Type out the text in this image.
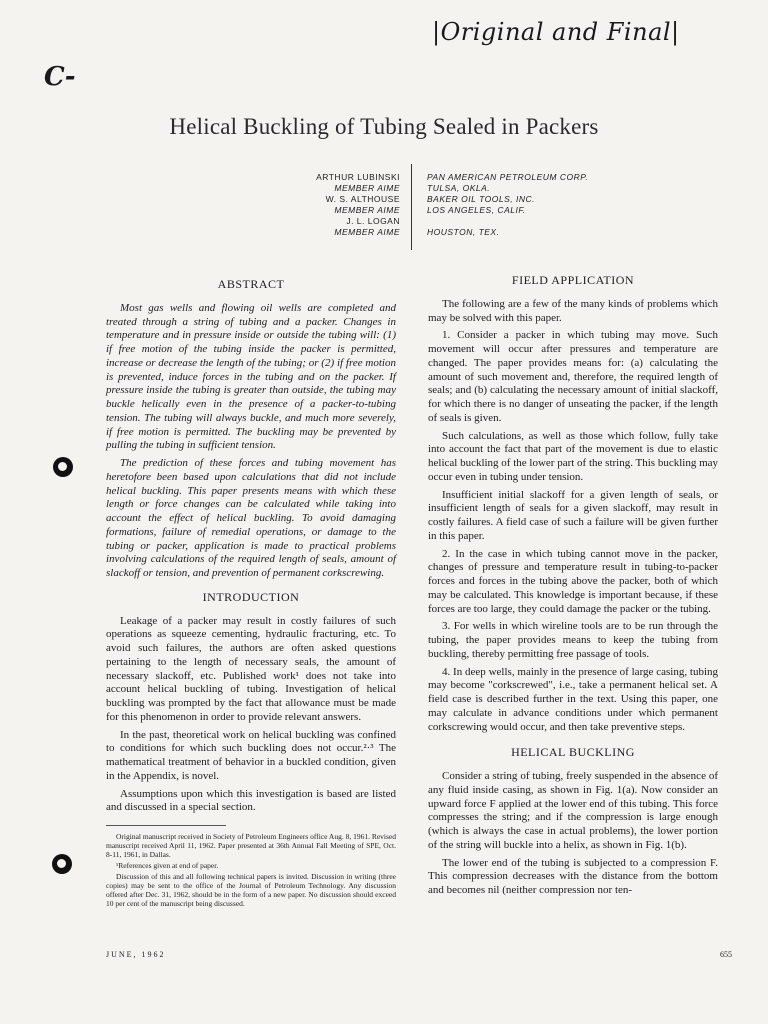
|Original and Final|
C-
Helical Buckling of Tubing Sealed in Packers
ARTHUR LUBINSKI
MEMBER AIME
W. S. ALTHOUSE
MEMBER AIME
J. L. LOGAN
MEMBER AIME
PAN AMERICAN PETROLEUM CORP.
TULSA, OKLA.
BAKER OIL TOOLS, INC.
LOS ANGELES, CALIF.
HOUSTON, TEX.
ABSTRACT

Most gas wells and flowing oil wells are completed and treated through a string of tubing and a packer. Changes in temperature and in pressure inside or outside the tubing will: (1) if free motion of the tubing inside the packer is permitted, increase or decrease the length of the tubing; or (2) if free motion is prevented, induce forces in the tubing and on the packer. If pressure inside the tubing is greater than outside, the tubing may buckle helically even in the presence of a packer-to-tubing tension. The tubing will always buckle, and much more severely, if free motion is permitted. The buckling may be prevented by pulling the tubing in sufficient tension.

The prediction of these forces and tubing movement has heretofore been based upon calculations that did not include helical buckling. This paper presents means with which these length or force changes can be calculated while taking into account the effect of helical buckling. To avoid damaging formations, failure of remedial operations, or damage to the tubing or packer, application is made to practical problems involving calculations of the required length of seals, amount of slackoff or tension, and prevention of permanent corkscrewing.

INTRODUCTION

Leakage of a packer may result in costly failures of such operations as squeeze cementing, hydraulic fracturing, etc. To avoid such failures, the authors are often asked questions pertaining to the length of necessary seals, the amount of necessary slackoff, etc. Published work¹ does not take into account helical buckling of tubing. Investigation of helical buckling was prompted by the fact that allowance must be made for this phenomenon in order to provide relevant answers.

In the past, theoretical work on helical buckling was confined to conditions for which such buckling does not occur.²·³ The mathematical treatment of behavior in a buckled condition, given in the Appendix, is novel.

Assumptions upon which this investigation is based are listed and discussed in a special section.

Original manuscript received in Society of Petroleum Engineers office Aug. 8, 1961. Revised manuscript received April 11, 1962. Paper presented at 36th Annual Fall Meeting of SPE, Oct. 8-11, 1961, in Dallas.

¹References given at end of paper.

Discussion of this and all following technical papers is invited. Discussion in writing (three copies) may be sent to the office of the Journal of Petroleum Technology. Any discussion offered after Dec. 31, 1962, should be in the form of a new paper. No discussion should exceed 10 per cent of the manuscript being discussed.

FIELD APPLICATION

The following are a few of the many kinds of problems which may be solved with this paper.

1. Consider a packer in which tubing may move. Such movement will occur after pressures and temperature are changed. The paper provides means for: (a) calculating the amount of such movement and, therefore, the required length of seals; and (b) calculating the necessary amount of initial slackoff, for which there is no danger of unseating the packer, if the length of seals is given.

Such calculations, as well as those which follow, fully take into account the fact that part of the movement is due to elastic helical buckling of the lower part of the string. This buckling may occur even in tubing under tension.

Insufficient initial slackoff for a given length of seals, or insufficient length of seals for a given slackoff, may result in costly failures. A field case of such a failure will be given further in this paper.

2. In the case in which tubing cannot move in the packer, changes of pressure and temperature result in tubing-to-packer forces and forces in the tubing above the packer, both of which may be calculated. This knowledge is important because, if these forces are too large, they could damage the packer or the tubing.

3. For wells in which wireline tools are to be run through the tubing, the paper provides means to keep the tubing from buckling, thereby permitting free passage of tools.

4. In deep wells, mainly in the presence of large casing, tubing may become "corkscrewed", i.e., take a permanent helical set. A field case is described further in the text. Using this paper, one may calculate in advance conditions under which permanent corkscrewing would occur, and then take preventive steps.

HELICAL BUCKLING

Consider a string of tubing, freely suspended in the absence of any fluid inside casing, as shown in Fig. 1(a). Now consider an upward force F applied at the lower end of this tubing. This force compresses the string; and if the compression is large enough (which is always the case in actual problems), the lower portion of the string will buckle into a helix, as shown in Fig. 1(b).

The lower end of the tubing is subjected to a compression F. This compression decreases with the distance from the bottom and becomes nil (neither compression nor ten-

JUNE, 1962	655
